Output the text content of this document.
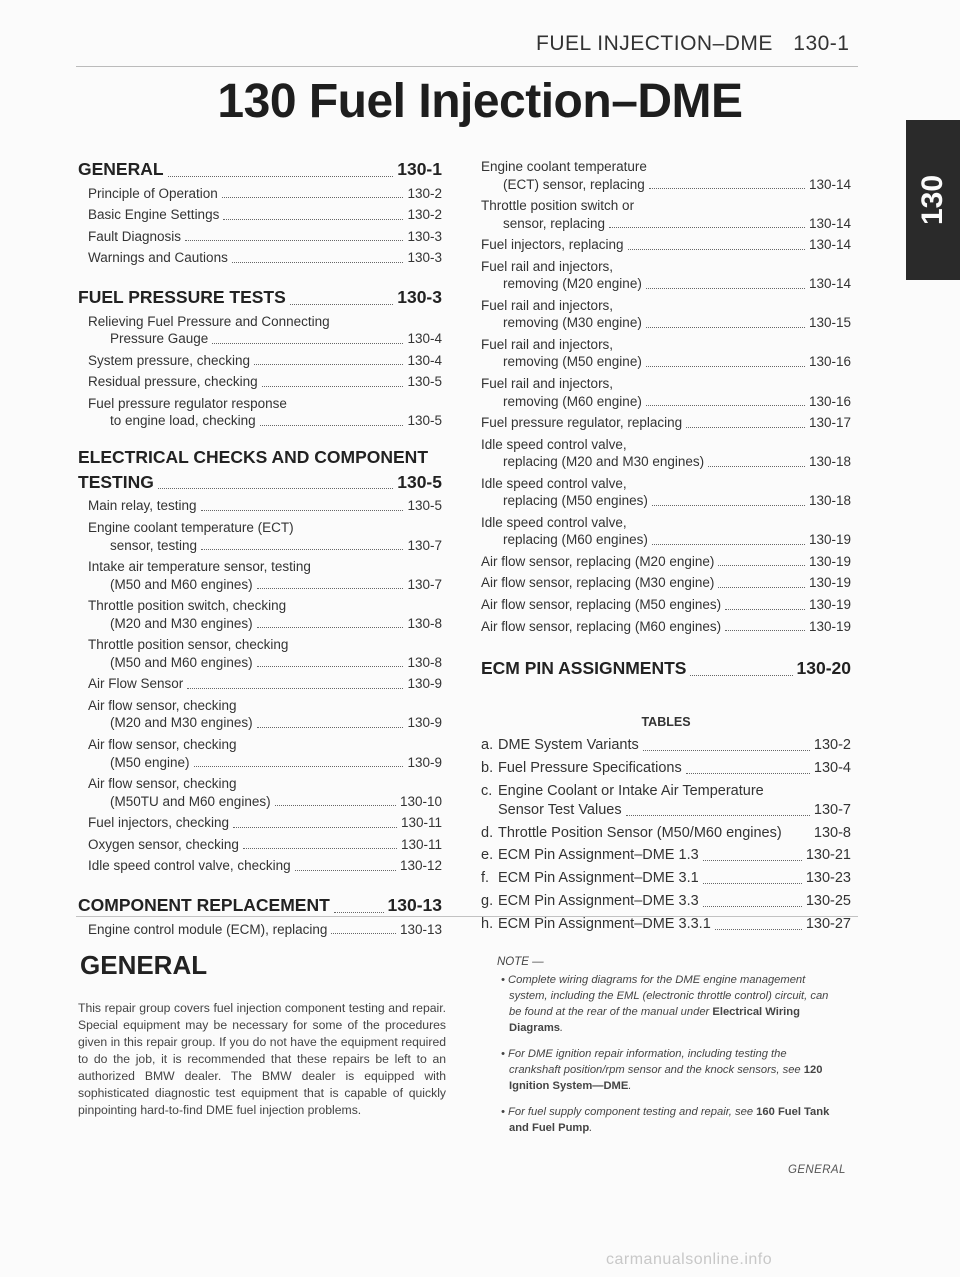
FUEL INJECTION–DME 130-1
130 Fuel Injection–DME
130
GENERAL	130-1
Principle of Operation	130-2
Basic Engine Settings	130-2
Fault Diagnosis	130-3
Warnings and Cautions	130-3
FUEL PRESSURE TESTS	130-3
Relieving Fuel Pressure and Connecting
Pressure Gauge	130-4
System pressure, checking	130-4
Residual pressure, checking	130-5
Fuel pressure regulator response
to engine load, checking	130-5
ELECTRICAL CHECKS AND COMPONENT
TESTING	130-5
Main relay, testing	130-5
Engine coolant temperature (ECT)
sensor, testing	130-7
Intake air temperature sensor, testing
(M50 and M60 engines)	130-7
Throttle position switch, checking
(M20 and M30 engines)	130-8
Throttle position sensor, checking
(M50 and M60 engines)	130-8
Air Flow Sensor	130-9
Air flow sensor, checking
(M20 and M30 engines)	130-9
Air flow sensor, checking
(M50 engine)	130-9
Air flow sensor, checking
(M50TU and M60 engines)	130-10
Fuel injectors, checking	130-11
Oxygen sensor, checking	130-11
Idle speed control valve, checking	130-12
COMPONENT REPLACEMENT	130-13
Engine control module (ECM), replacing	130-13
Engine coolant temperature
(ECT) sensor, replacing	130-14
Throttle position switch or
sensor, replacing	130-14
Fuel injectors, replacing	130-14
Fuel rail and injectors,
removing (M20 engine)	130-14
Fuel rail and injectors,
removing (M30 engine)	130-15
Fuel rail and injectors,
removing (M50 engine)	130-16
Fuel rail and injectors,
removing (M60 engine)	130-16
Fuel pressure regulator, replacing	130-17
Idle speed control valve,
replacing (M20 and M30 engines)	130-18
Idle speed control valve,
replacing (M50 engines)	130-18
Idle speed control valve,
replacing (M60 engines)	130-19
Air flow sensor, replacing (M20 engine)	130-19
Air flow sensor, replacing (M30 engine)	130-19
Air flow sensor, replacing (M50 engines)	130-19
Air flow sensor, replacing (M60 engines)	130-19
ECM PIN ASSIGNMENTS	130-20
TABLES
a. DME System Variants	130-2
b. Fuel Pressure Specifications	130-4
c. Engine Coolant or Intake Air Temperature
Sensor Test Values	130-7
d. Throttle Position Sensor (M50/M60 engines) 130-8
e. ECM Pin Assignment–DME 1.3	130-21
f. ECM Pin Assignment–DME 3.1	130-23
g. ECM Pin Assignment–DME 3.3	130-25
h. ECM Pin Assignment–DME 3.3.1	130-27
GENERAL

This repair group covers fuel injection component testing and repair. Special equipment may be necessary for some of the procedures given in this repair group. If you do not have the equipment required to do the job, it is recommended that these repairs be left to an authorized BMW dealer. The BMW dealer is equipped with sophisticated diagnostic test equipment that is capable of quickly pinpointing hard-to-find DME fuel injection problems.

NOTE —
• Complete wiring diagrams for the DME engine management system, including the EML (electronic throttle control) circuit, can be found at the rear of the manual under Electrical Wiring Diagrams.
• For DME ignition repair information, including testing the crankshaft position/rpm sensor and the knock sensors, see 120 Ignition System—DME.
• For fuel supply component testing and repair, see 160 Fuel Tank and Fuel Pump.
GENERAL
carmanualsonline.info
